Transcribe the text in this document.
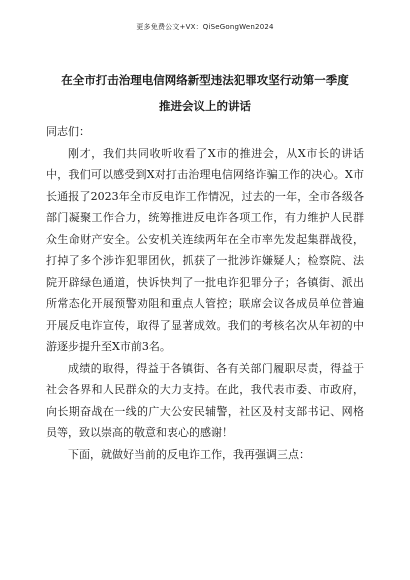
更多免费公文+VX：QiSeGongWen2024
在全市打击治理电信网络新型违法犯罪攻坚行动第一季度
推进会议上的讲话

同志们：

刚才，我们共同收听收看了X市的推进会，从X市长的讲话中，我们可以感受到X对打击治理电信网络诈骗工作的决心。X市长通报了2023年全市反电诈工作情况，过去的一年，全市各级各部门凝聚工作合力，统筹推进反电诈各项工作，有力维护人民群众生命财产安全。公安机关连续两年在全市率先发起集群战役，打掉了多个涉诈犯罪团伙，抓获了一批涉诈嫌疑人；检察院、法院开辟绿色通道，快诉快判了一批电诈犯罪分子；各镇街、派出所常态化开展预警劝阻和重点人管控；联席会议各成员单位普遍开展反电诈宣传，取得了显著成效。我们的考核名次从年初的中游逐步提升至X市前3名。

成绩的取得，得益于各镇街、各有关部门履职尽责，得益于社会各界和人民群众的大力支持。在此，我代表市委、市政府，向长期奋战在一线的广大公安民辅警，社区及村支部书记、网格员等，致以崇高的敬意和衷心的感谢！

下面，就做好当前的反电诈工作，我再强调三点：
